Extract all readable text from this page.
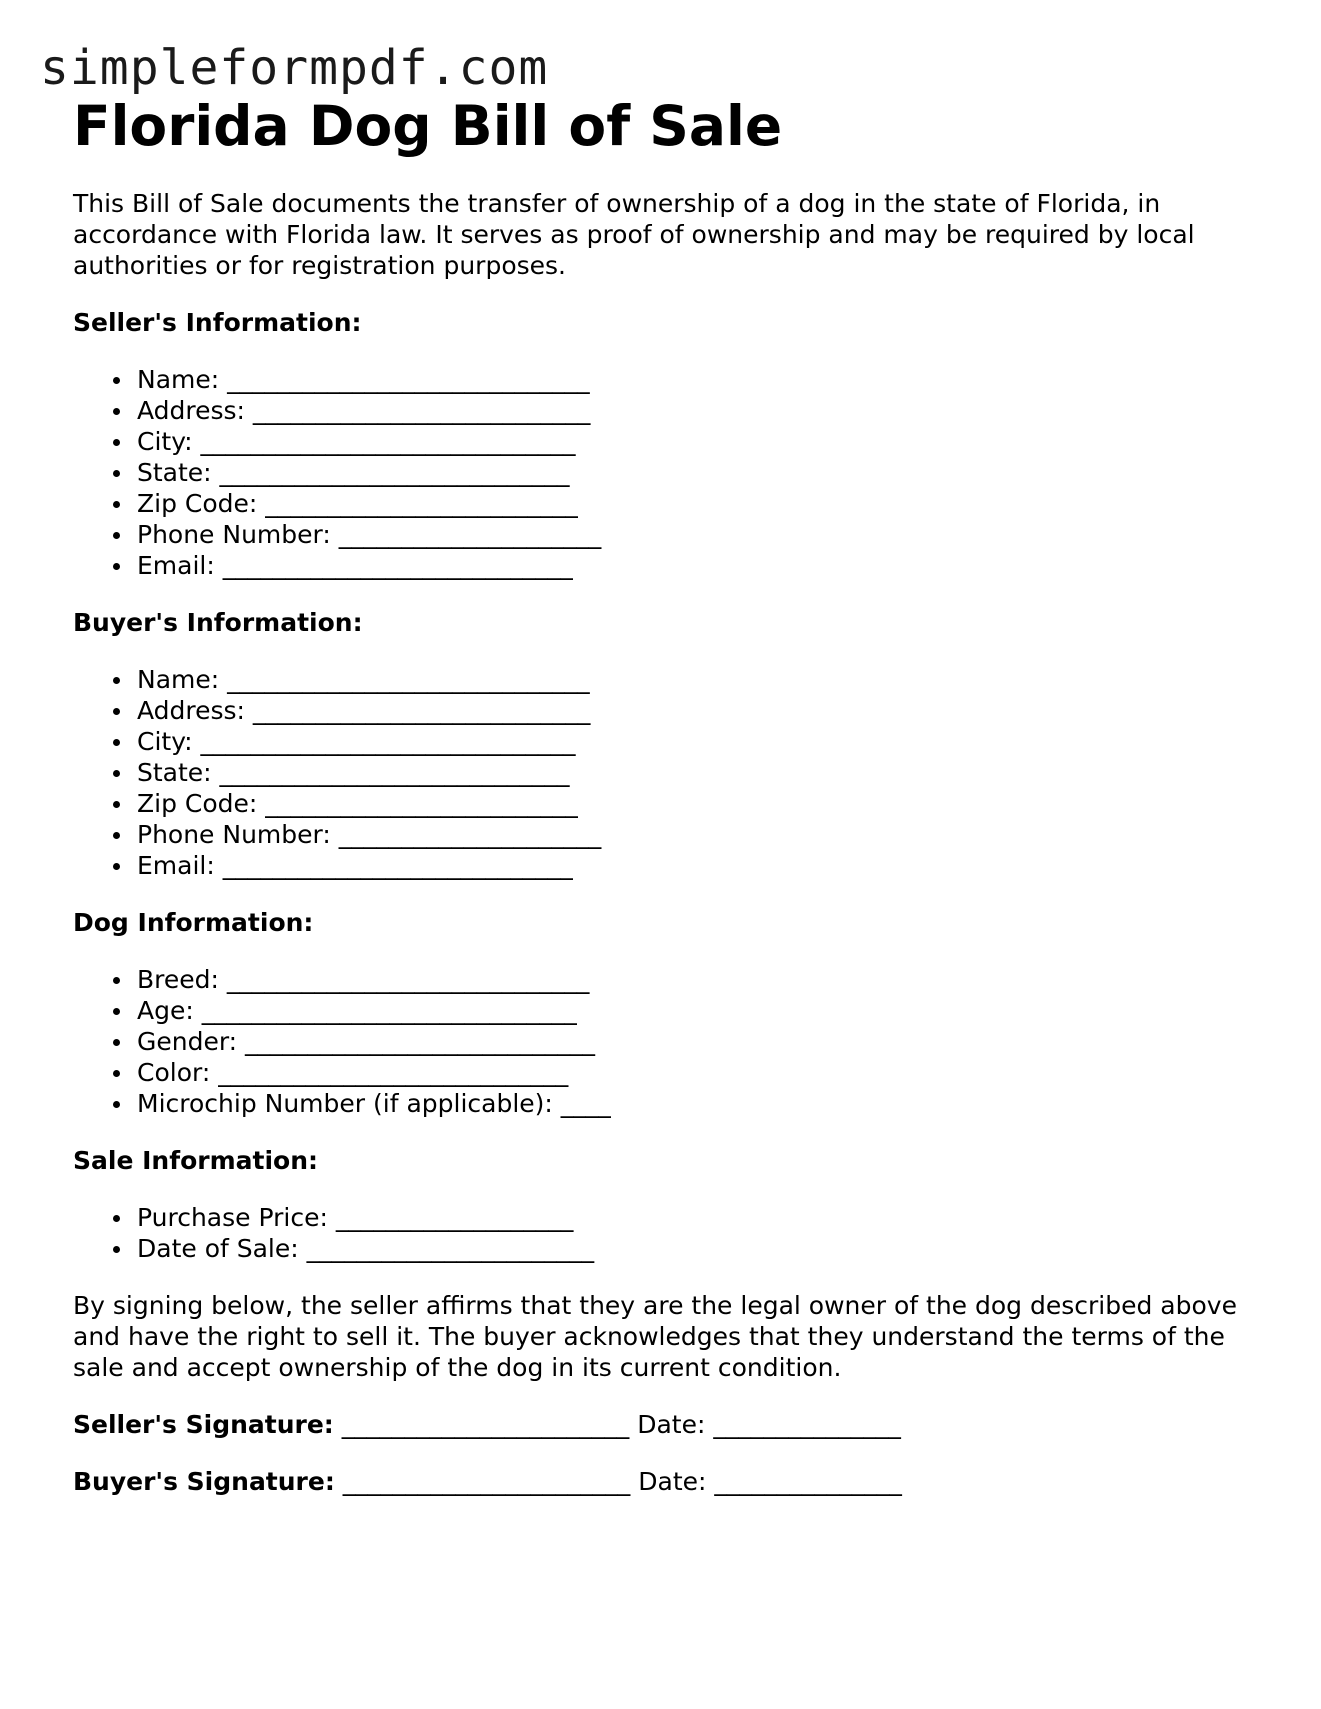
simpleformpdf.com
Florida Dog Bill of Sale

This Bill of Sale documents the transfer of ownership of a dog in the state of Florida, in accordance with Florida law. It serves as proof of ownership and may be required by local authorities or for registration purposes.

Seller's Information:
Name: _____________________________
Address: ___________________________
City: ______________________________
State: ____________________________
Zip Code: _________________________
Phone Number: _____________________
Email: ____________________________
Buyer's Information:
Name: _____________________________
Address: ___________________________
City: ______________________________
State: ____________________________
Zip Code: _________________________
Phone Number: _____________________
Email: ____________________________
Dog Information:
Breed: _____________________________
Age: ______________________________
Gender: ____________________________
Color: ____________________________
Microchip Number (if applicable): ____
Sale Information:
Purchase Price: ___________________
Date of Sale: _______________________

By signing below, the seller affirms that they are the legal owner of the dog described above and have the right to sell it. The buyer acknowledges that they understand the terms of the sale and accept ownership of the dog in its current condition.

Seller's Signature: _______________________ Date: _______________
Buyer's Signature: _______________________ Date: _______________
